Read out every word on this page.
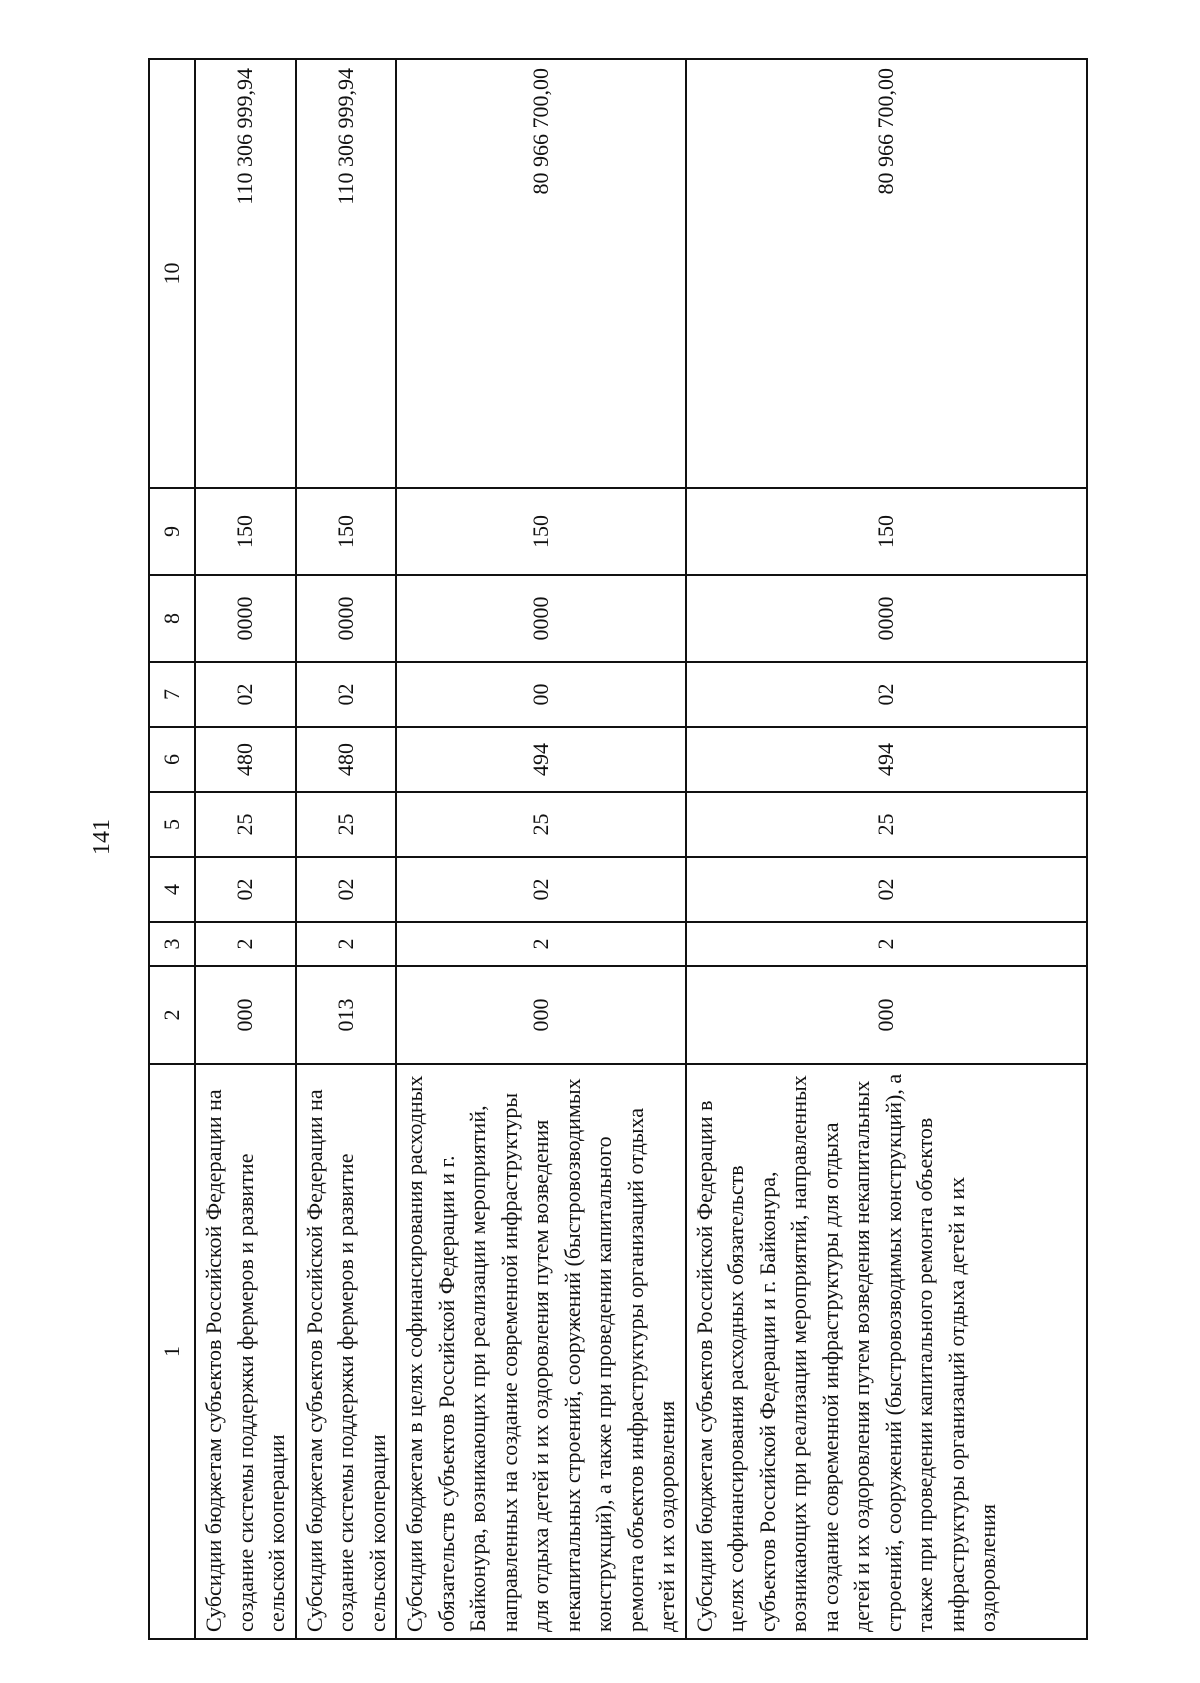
141
1	2	3	4	5	6	7	8	9	10
Субсидии бюджетам субъектов Российской Федерации на создание системы поддержки фермеров и развитие сельской кооперации	000	2	02	25	480	02	0000	150	110 306 999,94
Субсидии бюджетам субъектов Российской Федерации на создание системы поддержки фермеров и развитие сельской кооперации	013	2	02	25	480	02	0000	150	110 306 999,94
Субсидии бюджетам в целях софинансирования расходных обязательств субъектов Российской Федерации и г. Байконура, возникающих при реализации мероприятий, направленных на создание современной инфраструктуры для отдыха детей и их оздоровления путем возведения некапитальных строений, сооружений (быстровозводимых конструкций), а также при проведении капитального ремонта объектов инфраструктуры организаций отдыха детей и их оздоровления	000	2	02	25	494	00	0000	150	80 966 700,00
Субсидии бюджетам субъектов Российской Федерации в целях софинансирования расходных обязательств субъектов Российской Федерации и г. Байконура, возникающих при реализации мероприятий, направленных на создание современной инфраструктуры для отдыха детей и их оздоровления путем возведения некапитальных строений, сооружений (быстровозводимых конструкций), а также при проведении капитального ремонта объектов инфраструктуры организаций отдыха детей и их оздоровления	000	2	02	25	494	02	0000	150	80 966 700,00
